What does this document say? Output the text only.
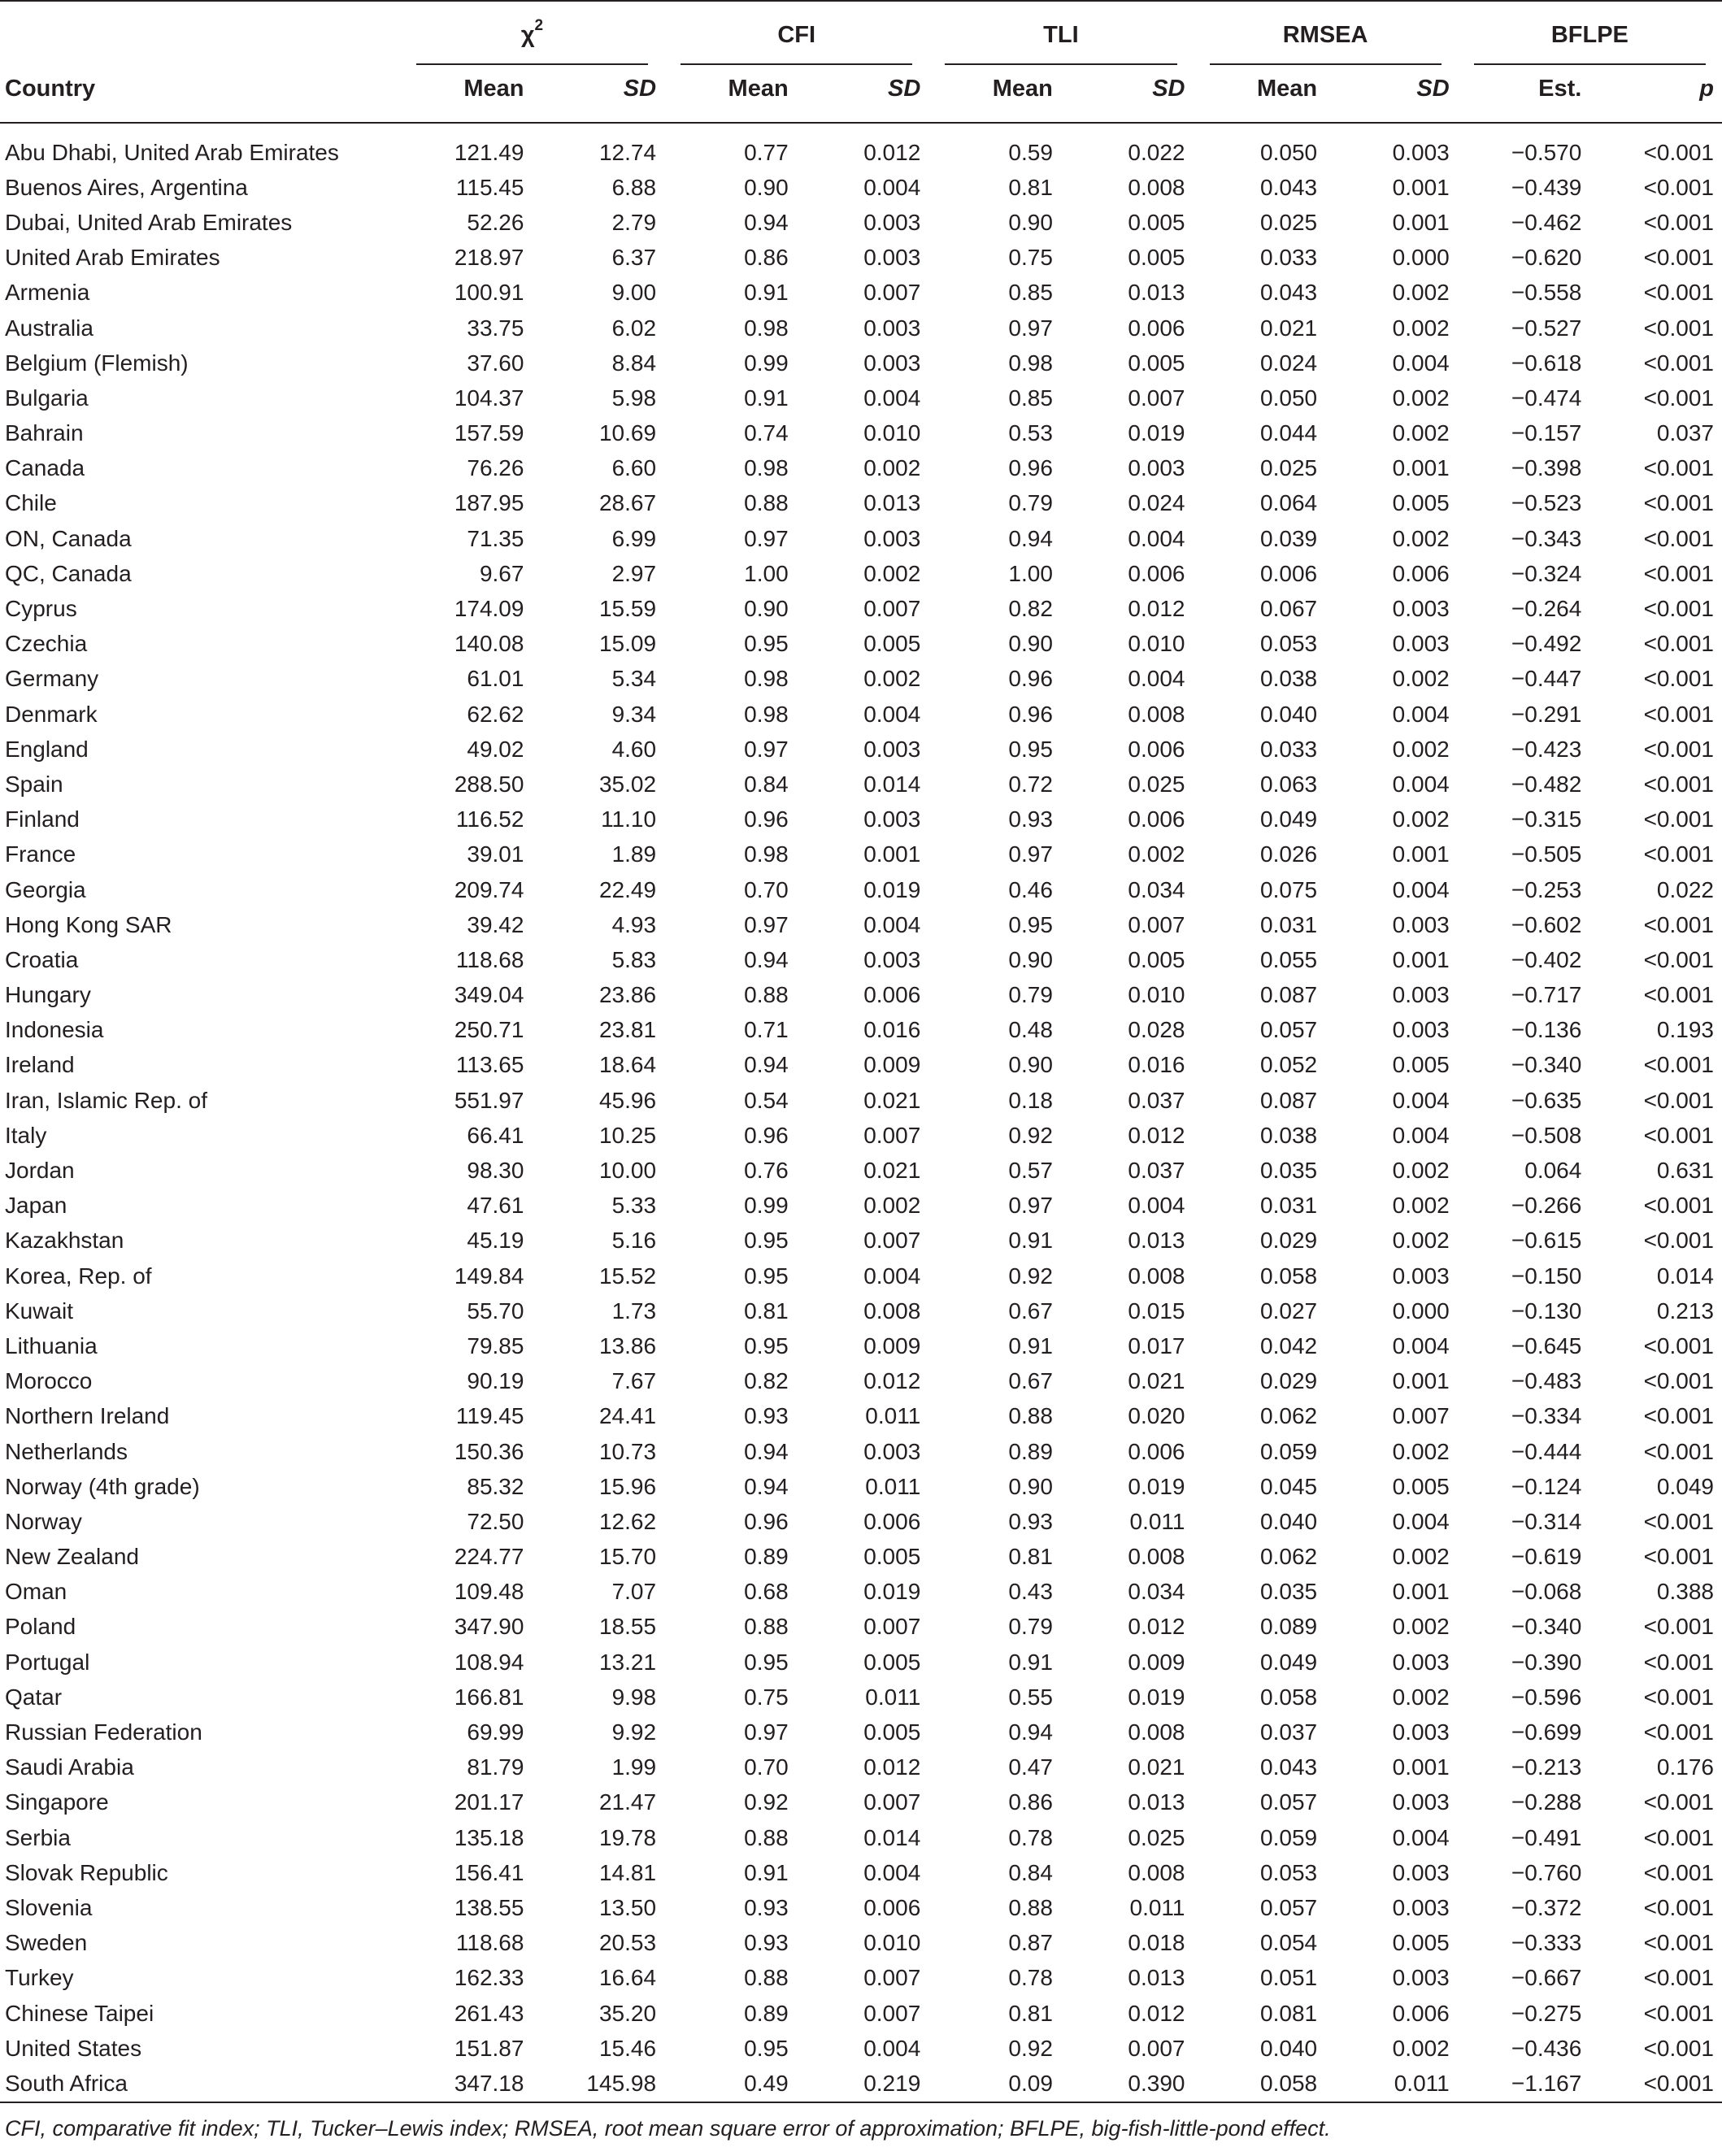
	$\chi^2$		CFI		TLI		RMSEA		BFLPE	
Country	Mean	SD	Mean	SD	Mean	SD	Mean	SD	Est.	p

Abu Dhabi, United Arab Emirates	121.49	12.74	0.77	0.012	0.59	0.022	0.050	0.003	−0.570	<0.001
Buenos Aires, Argentina	115.45	6.88	0.90	0.004	0.81	0.008	0.043	0.001	−0.439	<0.001
Dubai, United Arab Emirates	52.26	2.79	0.94	0.003	0.90	0.005	0.025	0.001	−0.462	<0.001
United Arab Emirates	218.97	6.37	0.86	0.003	0.75	0.005	0.033	0.000	−0.620	<0.001
Armenia	100.91	9.00	0.91	0.007	0.85	0.013	0.043	0.002	−0.558	<0.001
Australia	33.75	6.02	0.98	0.003	0.97	0.006	0.021	0.002	−0.527	<0.001
Belgium (Flemish)	37.60	8.84	0.99	0.003	0.98	0.005	0.024	0.004	−0.618	<0.001
Bulgaria	104.37	5.98	0.91	0.004	0.85	0.007	0.050	0.002	−0.474	<0.001
Bahrain	157.59	10.69	0.74	0.010	0.53	0.019	0.044	0.002	−0.157	0.037
Canada	76.26	6.60	0.98	0.002	0.96	0.003	0.025	0.001	−0.398	<0.001
Chile	187.95	28.67	0.88	0.013	0.79	0.024	0.064	0.005	−0.523	<0.001
ON, Canada	71.35	6.99	0.97	0.003	0.94	0.004	0.039	0.002	−0.343	<0.001
QC, Canada	9.67	2.97	1.00	0.002	1.00	0.006	0.006	0.006	−0.324	<0.001
Cyprus	174.09	15.59	0.90	0.007	0.82	0.012	0.067	0.003	−0.264	<0.001
Czechia	140.08	15.09	0.95	0.005	0.90	0.010	0.053	0.003	−0.492	<0.001
Germany	61.01	5.34	0.98	0.002	0.96	0.004	0.038	0.002	−0.447	<0.001
Denmark	62.62	9.34	0.98	0.004	0.96	0.008	0.040	0.004	−0.291	<0.001
England	49.02	4.60	0.97	0.003	0.95	0.006	0.033	0.002	−0.423	<0.001
Spain	288.50	35.02	0.84	0.014	0.72	0.025	0.063	0.004	−0.482	<0.001
Finland	116.52	11.10	0.96	0.003	0.93	0.006	0.049	0.002	−0.315	<0.001
France	39.01	1.89	0.98	0.001	0.97	0.002	0.026	0.001	−0.505	<0.001
Georgia	209.74	22.49	0.70	0.019	0.46	0.034	0.075	0.004	−0.253	0.022
Hong Kong SAR	39.42	4.93	0.97	0.004	0.95	0.007	0.031	0.003	−0.602	<0.001
Croatia	118.68	5.83	0.94	0.003	0.90	0.005	0.055	0.001	−0.402	<0.001
Hungary	349.04	23.86	0.88	0.006	0.79	0.010	0.087	0.003	−0.717	<0.001
Indonesia	250.71	23.81	0.71	0.016	0.48	0.028	0.057	0.003	−0.136	0.193
Ireland	113.65	18.64	0.94	0.009	0.90	0.016	0.052	0.005	−0.340	<0.001
Iran, Islamic Rep. of	551.97	45.96	0.54	0.021	0.18	0.037	0.087	0.004	−0.635	<0.001
Italy	66.41	10.25	0.96	0.007	0.92	0.012	0.038	0.004	−0.508	<0.001
Jordan	98.30	10.00	0.76	0.021	0.57	0.037	0.035	0.002	0.064	0.631
Japan	47.61	5.33	0.99	0.002	0.97	0.004	0.031	0.002	−0.266	<0.001
Kazakhstan	45.19	5.16	0.95	0.007	0.91	0.013	0.029	0.002	−0.615	<0.001
Korea, Rep. of	149.84	15.52	0.95	0.004	0.92	0.008	0.058	0.003	−0.150	0.014
Kuwait	55.70	1.73	0.81	0.008	0.67	0.015	0.027	0.000	−0.130	0.213
Lithuania	79.85	13.86	0.95	0.009	0.91	0.017	0.042	0.004	−0.645	<0.001
Morocco	90.19	7.67	0.82	0.012	0.67	0.021	0.029	0.001	−0.483	<0.001
Northern Ireland	119.45	24.41	0.93	0.011	0.88	0.020	0.062	0.007	−0.334	<0.001
Netherlands	150.36	10.73	0.94	0.003	0.89	0.006	0.059	0.002	−0.444	<0.001
Norway (4th grade)	85.32	15.96	0.94	0.011	0.90	0.019	0.045	0.005	−0.124	0.049
Norway	72.50	12.62	0.96	0.006	0.93	0.011	0.040	0.004	−0.314	<0.001
New Zealand	224.77	15.70	0.89	0.005	0.81	0.008	0.062	0.002	−0.619	<0.001
Oman	109.48	7.07	0.68	0.019	0.43	0.034	0.035	0.001	−0.068	0.388
Poland	347.90	18.55	0.88	0.007	0.79	0.012	0.089	0.002	−0.340	<0.001
Portugal	108.94	13.21	0.95	0.005	0.91	0.009	0.049	0.003	−0.390	<0.001
Qatar	166.81	9.98	0.75	0.011	0.55	0.019	0.058	0.002	−0.596	<0.001
Russian Federation	69.99	9.92	0.97	0.005	0.94	0.008	0.037	0.003	−0.699	<0.001
Saudi Arabia	81.79	1.99	0.70	0.012	0.47	0.021	0.043	0.001	−0.213	0.176
Singapore	201.17	21.47	0.92	0.007	0.86	0.013	0.057	0.003	−0.288	<0.001
Serbia	135.18	19.78	0.88	0.014	0.78	0.025	0.059	0.004	−0.491	<0.001
Slovak Republic	156.41	14.81	0.91	0.004	0.84	0.008	0.053	0.003	−0.760	<0.001
Slovenia	138.55	13.50	0.93	0.006	0.88	0.011	0.057	0.003	−0.372	<0.001
Sweden	118.68	20.53	0.93	0.010	0.87	0.018	0.054	0.005	−0.333	<0.001
Turkey	162.33	16.64	0.88	0.007	0.78	0.013	0.051	0.003	−0.667	<0.001
Chinese Taipei	261.43	35.20	0.89	0.007	0.81	0.012	0.081	0.006	−0.275	<0.001
United States	151.87	15.46	0.95	0.004	0.92	0.007	0.040	0.002	−0.436	<0.001
South Africa	347.18	145.98	0.49	0.219	0.09	0.390	0.058	0.011	−1.167	<0.001

CFI, comparative fit index; TLI, Tucker–Lewis index; RMSEA, root mean square error of approximation; BFLPE, big-fish-little-pond effect.										
